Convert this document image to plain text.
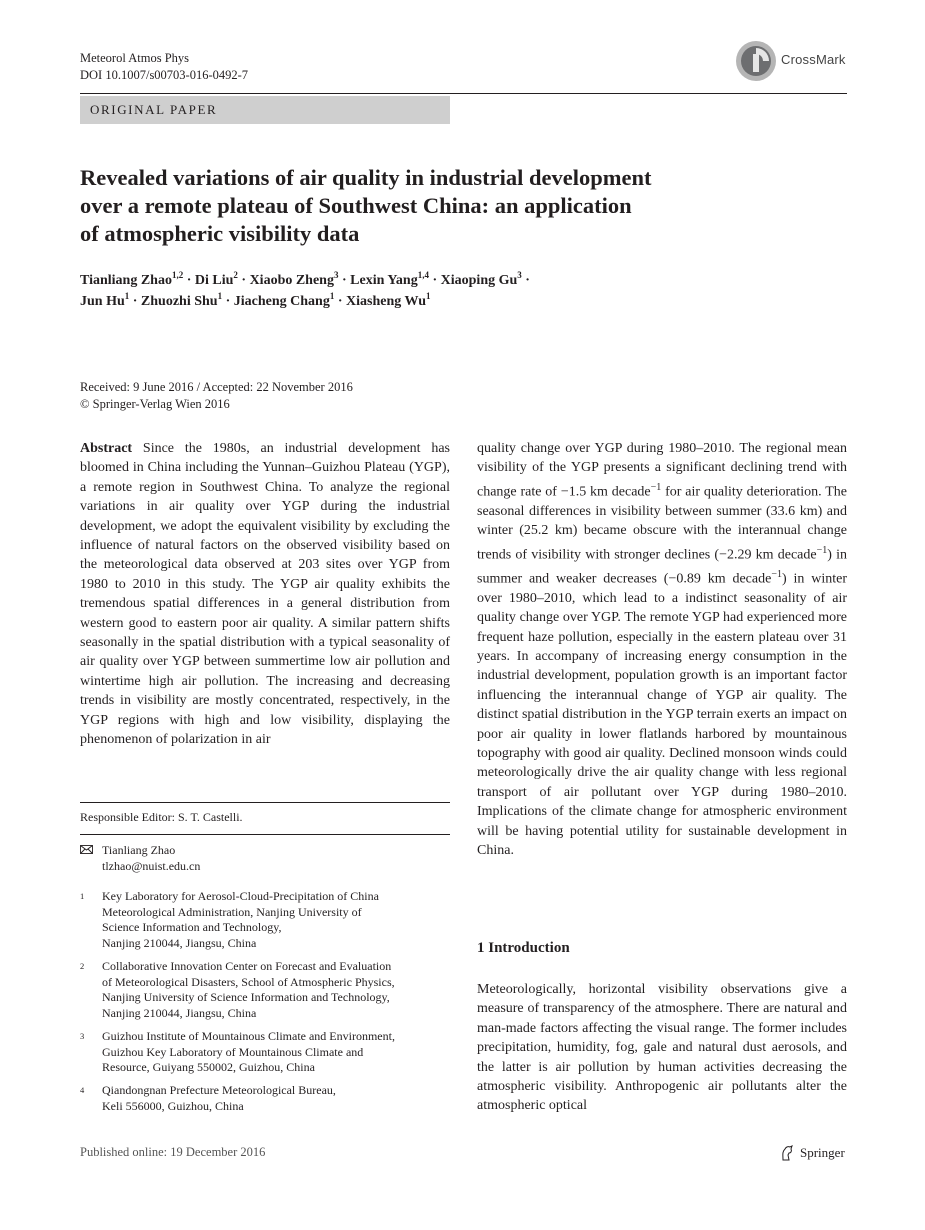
Meteorol Atmos Phys
DOI 10.1007/s00703-016-0492-7
CrossMark
ORIGINAL PAPER
Revealed variations of air quality in industrial development
over a remote plateau of Southwest China: an application
of atmospheric visibility data
Tianliang Zhao$^{1,2}$ · Di Liu$^2$ · Xiaobo Zheng$^3$ · Lexin Yang$^{1,4}$ · Xiaoping $Gu^3$ ·
Jun $Hu^1$ · Zhuozhi Shu$^1$ · Jiacheng Chang$^1$ · Xiasheng Wu$^1$
Received: 9 June 2016 / Accepted: 22 November 2016
© Springer-Verlag Wien 2016
Abstract Since the 1980s, an industrial development has bloomed in China including the Yunnan–Guizhou Plateau (YGP), a remote region in Southwest China. To analyze the regional variations in air quality over YGP during the industrial development, we adopt the equivalent visibility by excluding the influence of natural factors on the observed visibility based on the meteorological data observed at 203 sites over YGP from 1980 to 2010 in this study. The YGP air quality exhibits the tremendous spatial differences in a general distribution from western good to eastern poor air quality. A similar pattern shifts seasonally in the spatial distribution with a typical seasonality of air quality over YGP between summertime low air pollution and wintertime high air pollution. The increasing and decreasing trends in visibility are mostly concentrated, respectively, in the YGP regions with high and low visibility, displaying the phenomenon of polarization in air
quality change over YGP during 1980–2010. The regional mean visibility of the YGP presents a significant declining trend with change rate of −1.5 km decade$^{-1}$ for air quality deterioration. The seasonal differences in visibility between summer (33.6 km) and winter (25.2 km) became obscure with the interannual change trends of visibility with stronger declines (−2.29 km decade$^{-1}$) in summer and weaker decreases (−0.89 km decade$^{-1}$) in winter over 1980–2010, which lead to a indistinct seasonality of air quality change over YGP. The remote YGP had experienced more frequent haze pollution, especially in the eastern plateau over 31 years. In accompany of increasing energy consumption in the industrial development, population growth is an important factor influencing the interannual change of YGP air quality. The distinct spatial distribution in the YGP terrain exerts an impact on poor air quality in lower flatlands harbored by mountainous topography with good air quality. Declined monsoon winds could meteorologically drive the air quality change with less regional transport of air pollutant over YGP during 1980–2010. Implications of the climate change for atmospheric environment will be having potential utility for sustainable development in China.
Responsible Editor: S. T. Castelli.
Tianliang Zhao
tlzhao@nuist.edu.cn
1 Key Laboratory for Aerosol-Cloud-Precipitation of China
Meteorological Administration, Nanjing University of
Science Information and Technology,
Nanjing 210044, Jiangsu, China
2 Collaborative Innovation Center on Forecast and Evaluation
of Meteorological Disasters, School of Atmospheric Physics,
Nanjing University of Science Information and Technology,
Nanjing 210044, Jiangsu, China
3 Guizhou Institute of Mountainous Climate and Environment,
Guizhou Key Laboratory of Mountainous Climate and
Resource, Guiyang 550002, Guizhou, China
4 Qiandongnan Prefecture Meteorological Bureau,
Keli 556000, Guizhou, China
1 Introduction
Meteorologically, horizontal visibility observations give a measure of transparency of the atmosphere. There are natural and man-made factors affecting the visual range. The former includes precipitation, humidity, fog, gale and natural dust aerosols, and the latter is air pollution by human activities decreasing the atmospheric visibility. Anthropogenic air pollutants alter the atmospheric optical
Published online: 19 December 2016	Springer
